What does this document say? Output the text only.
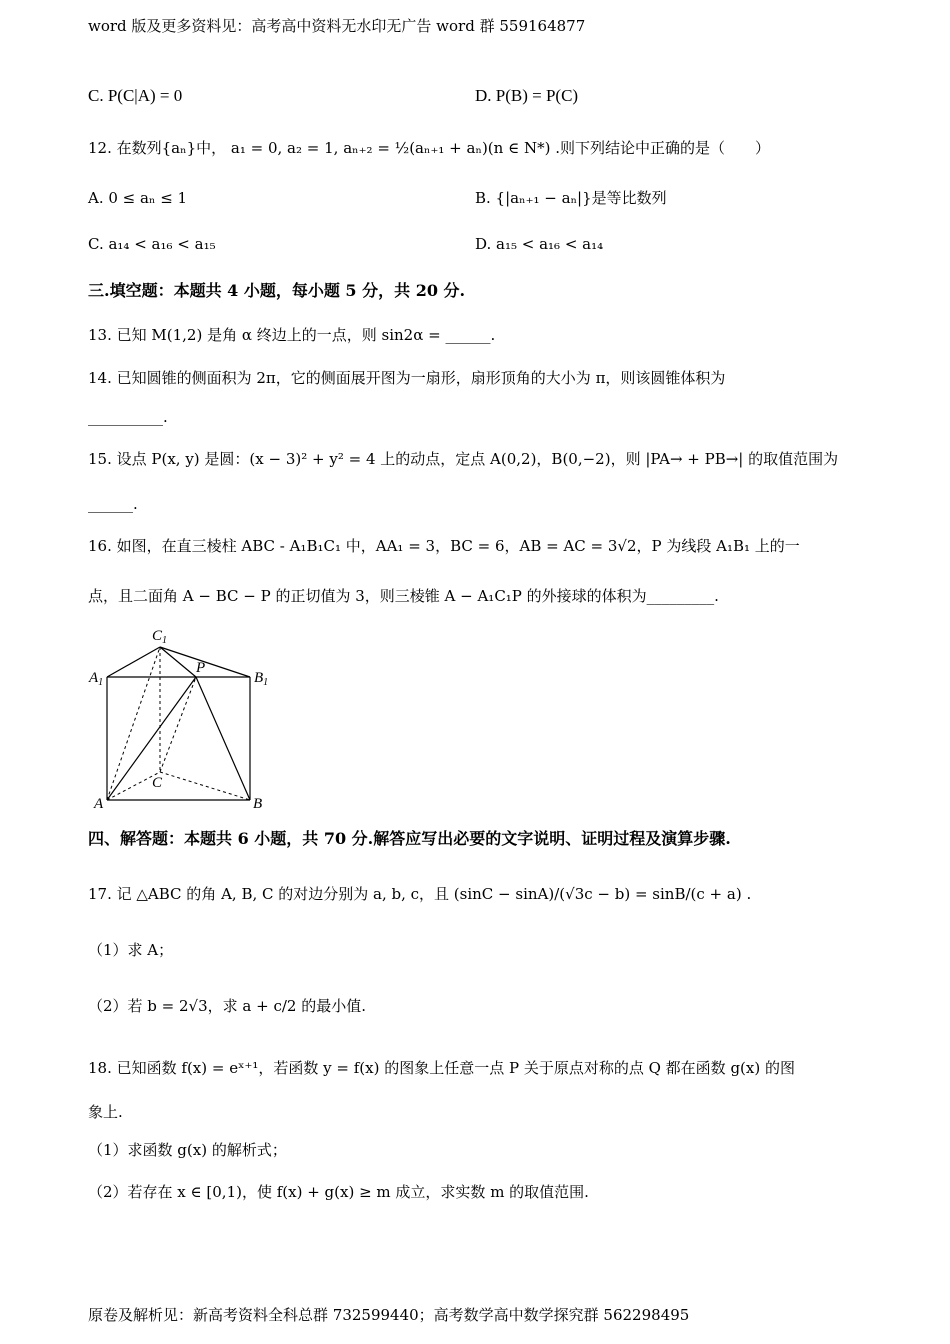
word 版及更多资料见：高考高中资料无水印无广告 word 群 559164877
C. P(C|A) = 0	D. P(B) = P(C)
12. 在数列{aₙ}中， a₁ = 0, a₂ = 1, aₙ₊₂ = ½(aₙ₊₁ + aₙ)(n ∈ N*) .则下列结论中正确的是（　　）
A. 0 ≤ aₙ ≤ 1	B. {|aₙ₊₁ − aₙ|}是等比数列
C. a₁₄ < a₁₆ < a₁₅	D. a₁₅ < a₁₆ < a₁₄
三.填空题：本题共 4 小题，每小题 5 分，共 20 分.
13. 已知 M(1,2) 是角 α 终边上的一点，则 sin2α = ______.
14. 已知圆锥的侧面积为 2π，它的侧面展开图为一扇形，扇形顶角的大小为 π，则该圆锥体积为
__________.
15. 设点 P(x, y) 是圆：(x − 3)² + y² = 4 上的动点，定点 A(0,2)，B(0,−2)，则 |PA→ + PB→| 的取值范围为
______.
16. 如图，在直三棱柱 ABC - A₁B₁C₁ 中，AA₁ = 3，BC = 6，AB = AC = 3√2，P 为线段 A₁B₁ 上的一
点，且二面角 A − BC − P 的正切值为 3，则三棱锥 A − A₁C₁P 的外接球的体积为_________.
$C_1$
$A_1$	$B_1$
P
C
A	B
四、解答题：本题共 6 小题，共 70 分.解答应写出必要的文字说明、证明过程及演算步骤.
17. 记 △ABC 的角 A, B, C 的对边分别为 a, b, c，且 (sinC − sinA)/(√3c − b) = sinB/(c + a) .
（1）求 A；
（2）若 b = 2√3，求 a + c/2 的最小值.
18. 已知函数 f(x) = eˣ⁺¹，若函数 y = f(x) 的图象上任意一点 P 关于原点对称的点 Q 都在函数 g(x) 的图
象上.
（1）求函数 g(x) 的解析式；
（2）若存在 x ∈ [0,1)，使 f(x) + g(x) ≥ m 成立，求实数 m 的取值范围.
原卷及解析见：新高考资料全科总群 732599440；高考数学高中数学探究群 562298495
